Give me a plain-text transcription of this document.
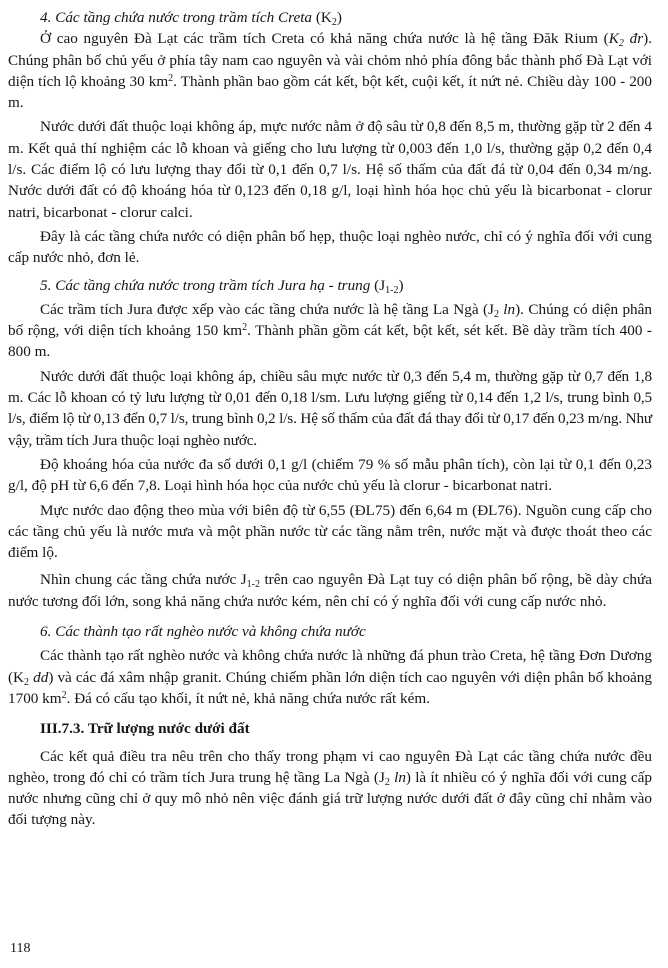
4. Các tầng chứa nước trong trầm tích Creta $(K_2)$

Ở cao nguyên Đà Lạt các trầm tích Creta có khả năng chứa nước là hệ tầng Đăk Rium ($K_2$ đr). Chúng phân bố chủ yếu ở phía tây nam cao nguyên và vài chỏm nhỏ phía đông bắc thành phố Đà Lạt với diện tích lộ khoảng 30 $km^2$. Thành phần bao gồm cát kết, bột kết, cuội kết, ít nứt nẻ. Chiều dày 100 - 200 m.

Nước dưới đất thuộc loại không áp, mực nước nằm ở độ sâu từ 0,8 đến 8,5 m, thường gặp từ 2 đến 4 m. Kết quả thí nghiệm các lỗ khoan và giếng cho lưu lượng từ 0,003 đến 1,0 l/s, thường gặp 0,2 đến 0,4 l/s. Các điểm lộ có lưu lượng thay đổi từ 0,1 đến 0,7 l/s. Hệ số thấm của đất đá từ 0,04 đến 0,34 m/ng. Nước dưới đất có độ khoáng hóa từ 0,123 đến 0,18 g/l, loại hình hóa học chủ yếu là bicarbonat - clorur natri, bicarbonat - clorur calci.

Đây là các tầng chứa nước có diện phân bố hẹp, thuộc loại nghèo nước, chỉ có ý nghĩa đối với cung cấp nước nhỏ, đơn lẻ.

5. Các tầng chứa nước trong trầm tích Jura hạ - trung $(J_{1-2})$

Các trầm tích Jura được xếp vào các tầng chứa nước là hệ tầng La Ngà ($J_2$ ln). Chúng có diện phân bố rộng, với diện tích khoảng 150 $km^2$. Thành phần gồm cát kết, bột kết, sét kết. Bề dày trầm tích 400 - 800 m.

Nước dưới đất thuộc loại không áp, chiều sâu mực nước từ 0,3 đến 5,4 m, thường gặp từ 0,7 đến 1,8 m. Các lỗ khoan có tỷ lưu lượng từ 0,01 đến 0,18 l/sm. Lưu lượng giếng từ 0,14 đến 1,2 l/s, trung bình 0,5 l/s, điểm lộ từ 0,13 đến 0,7 l/s, trung bình 0,2 l/s. Hệ số thấm của đất đá thay đổi từ 0,17 đến 0,23 m/ng. Như vậy, trầm tích Jura thuộc loại nghèo nước.

Độ khoáng hóa của nước đa số dưới 0,1 g/l (chiếm 79 % số mẫu phân tích), còn lại từ 0,1 đến 0,23 g/l, độ pH từ 6,6 đến 7,8. Loại hình hóa học của nước chủ yếu là clorur - bicarbonat natri.

Mực nước dao động theo mùa với biên độ từ 6,55 (ĐL75) đến 6,64 m (ĐL76). Nguồn cung cấp cho các tầng chủ yếu là nước mưa và một phần nước từ các tầng nằm trên, nước mặt và được thoát theo các điểm lộ.

Nhìn chung các tầng chứa nước $J_{1-2}$ trên cao nguyên Đà Lạt tuy có diện phân bố rộng, bề dày chứa nước tương đối lớn, song khả năng chứa nước kém, nên chỉ có ý nghĩa đối với cung cấp nước nhỏ.

6. Các thành tạo rất nghèo nước và không chứa nước

Các thành tạo rất nghèo nước và không chứa nước là những đá phun trào Creta, hệ tầng Đơn Dương ($K_2$ dd) và các đá xâm nhập granit. Chúng chiếm phần lớn diện tích cao nguyên với diện phân bố khoảng 1700 $km^2$. Đá có cấu tạo khối, ít nứt nẻ, khả năng chứa nước rất kém.

III.7.3. Trữ lượng nước dưới đất

Các kết quả điều tra nêu trên cho thấy trong phạm vi cao nguyên Đà Lạt các tầng chứa nước đều nghèo, trong đó chỉ có trầm tích Jura trung hệ tầng La Ngà ($J_2$ ln) là ít nhiều có ý nghĩa đối với cung cấp nước nhưng cũng chỉ ở quy mô nhỏ nên việc đánh giá trữ lượng nước dưới đất ở đây cũng chỉ nhằm vào đối tượng này.

118
